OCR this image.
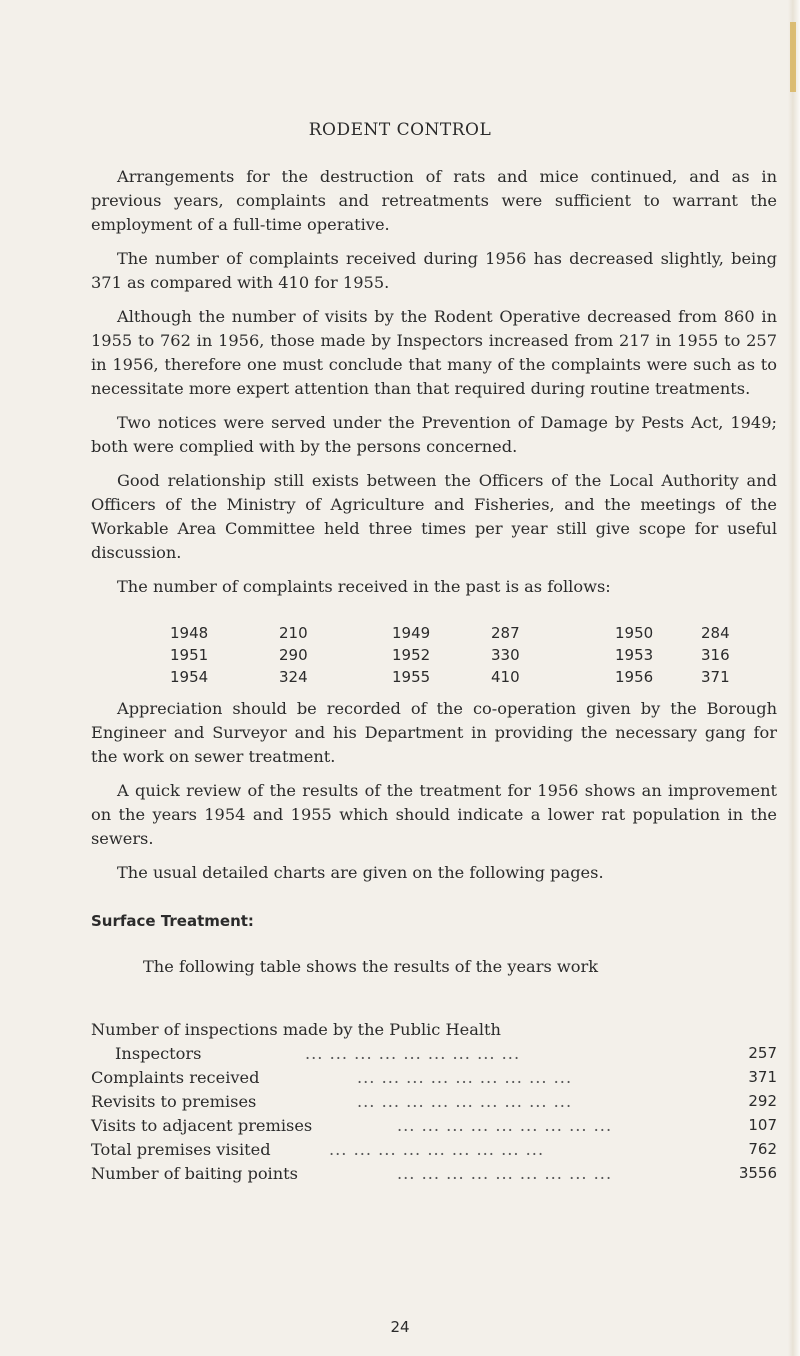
RODENT CONTROL

Arrangements for the destruction of rats and mice continued, and as in previous years, complaints and retreatments were sufficient to warrant the employment of a full-time operative.

The number of complaints received during 1956 has decreased slightly, being 371 as compared with 410 for 1955.

Although the number of visits by the Rodent Operative decreased from 860 in 1955 to 762 in 1956, those made by Inspectors increased from 217 in 1955 to 257 in 1956, therefore one must conclude that many of the complaints were such as to necessitate more expert attention than that required during routine treatments.

Two notices were served under the Prevention of Damage by Pests Act, 1949; both were complied with by the persons concerned.

Good relationship still exists between the Officers of the Local Authority and Officers of the Ministry of Agriculture and Fisheries, and the meetings of the Workable Area Committee held three times per year still give scope for useful discussion.

The number of complaints received in the past is as follows:

1948	210	1949	287	1950	284
1951	290	1952	330	1953	316
1954	324	1955	410	1956	371

Appreciation should be recorded of the co-operation given by the Borough Engineer and Surveyor and his Department in providing the necessary gang for the work on sewer treatment.

A quick review of the results of the treatment for 1956 shows an improvement on the years 1954 and 1955 which should indicate a lower rat population in the sewers.

The usual detailed charts are given on the following pages.

Surface Treatment:
The following table shows the results of the years work
Number of inspections made by the Public Health
Inspectors	... ... ... ... ... ... ... ... ...	257
Complaints received	... ... ... ... ... ... ... ... ...	371
Revisits to premises	... ... ... ... ... ... ... ... ...	292
Visits to adjacent premises	... ... ... ... ... ... ... ... ...	107
Total premises visited	... ... ... ... ... ... ... ... ...	762
Number of baiting points	... ... ... ... ... ... ... ... ...	3556
24
